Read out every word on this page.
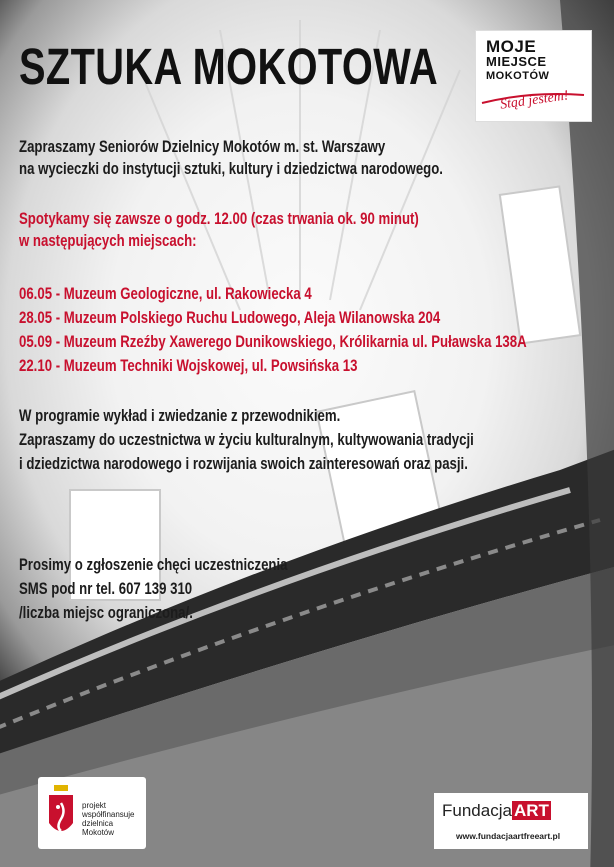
SZTUKA MOKOTOWA	MOJE
MIEJSCE
MOKOTÓW
Stąd jestem!
Zapraszamy Seniorów Dzielnicy Mokotów m. st. Warszawy
na wycieczki do instytucji sztuki, kultury i dziedzictwa narodowego.
Spotykamy się zawsze o godz. 12.00 (czas trwania ok. 90 minut)
w następujących miejscach:
06.05 - Muzeum Geologiczne, ul. Rakowiecka 4
28.05 - Muzeum Polskiego Ruchu Ludowego, Aleja Wilanowska 204
05.09 - Muzeum Rzeźby Xawerego Dunikowskiego, Królikarnia ul. Puławska 138A
22.10 - Muzeum Techniki Wojskowej, ul. Powsińska 13
W programie wykład i zwiedzanie z przewodnikiem.
Zapraszamy do uczestnictwa w życiu kulturalnym, kultywowania tradycji
i dziedzictwa narodowego i rozwijania swoich zainteresowań oraz pasji.
Prosimy o zgłoszenie chęci uczestniczenia
SMS pod nr tel. 607 139 310
/liczba miejsc ograniczona/.
projekt
współfinansuje
dzielnica
Mokotów
Fundacja ART
www.fundacjaartfreeart.pl
